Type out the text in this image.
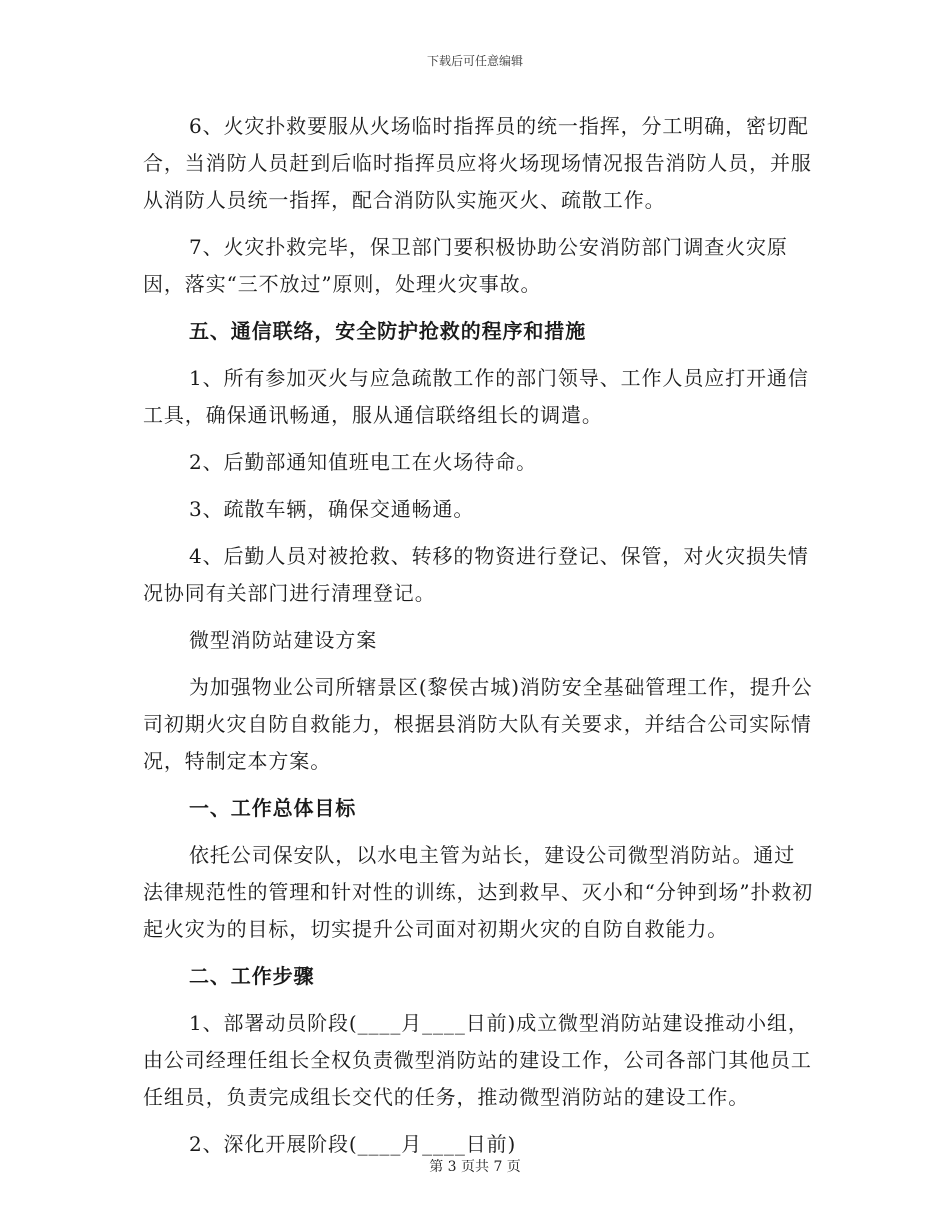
下载后可任意编辑

6、火灾扑救要服从火场临时指挥员的统一指挥，分工明确，密切配合，当消防人员赶到后临时指挥员应将火场现场情况报告消防人员，并服从消防人员统一指挥，配合消防队实施灭火、疏散工作。

7、火灾扑救完毕，保卫部门要积极协助公安消防部门调查火灾原因，落实“三不放过”原则，处理火灾事故。

五、通信联络，安全防护抢救的程序和措施

1、所有参加灭火与应急疏散工作的部门领导、工作人员应打开通信工具，确保通讯畅通，服从通信联络组长的调遣。

2、后勤部通知值班电工在火场待命。

3、疏散车辆，确保交通畅通。

4、后勤人员对被抢救、转移的物资进行登记、保管，对火灾损失情况协同有关部门进行清理登记。

微型消防站建设方案

为加强物业公司所辖景区(黎侯古城)消防安全基础管理工作，提升公司初期火灾自防自救能力，根据县消防大队有关要求，并结合公司实际情况，特制定本方案。

一、工作总体目标

依托公司保安队，以水电主管为站长，建设公司微型消防站。通过法律规范性的管理和针对性的训练，达到救早、灭小和“分钟到场”扑救初起火灾为的目标，切实提升公司面对初期火灾的自防自救能力。

二、工作步骤

1、部署动员阶段(____月____日前)成立微型消防站建设推动小组，由公司经理任组长全权负责微型消防站的建设工作，公司各部门其他员工任组员，负责完成组长交代的任务，推动微型消防站的建设工作。

2、深化开展阶段(____月____日前)

第 3 页共 7 页
